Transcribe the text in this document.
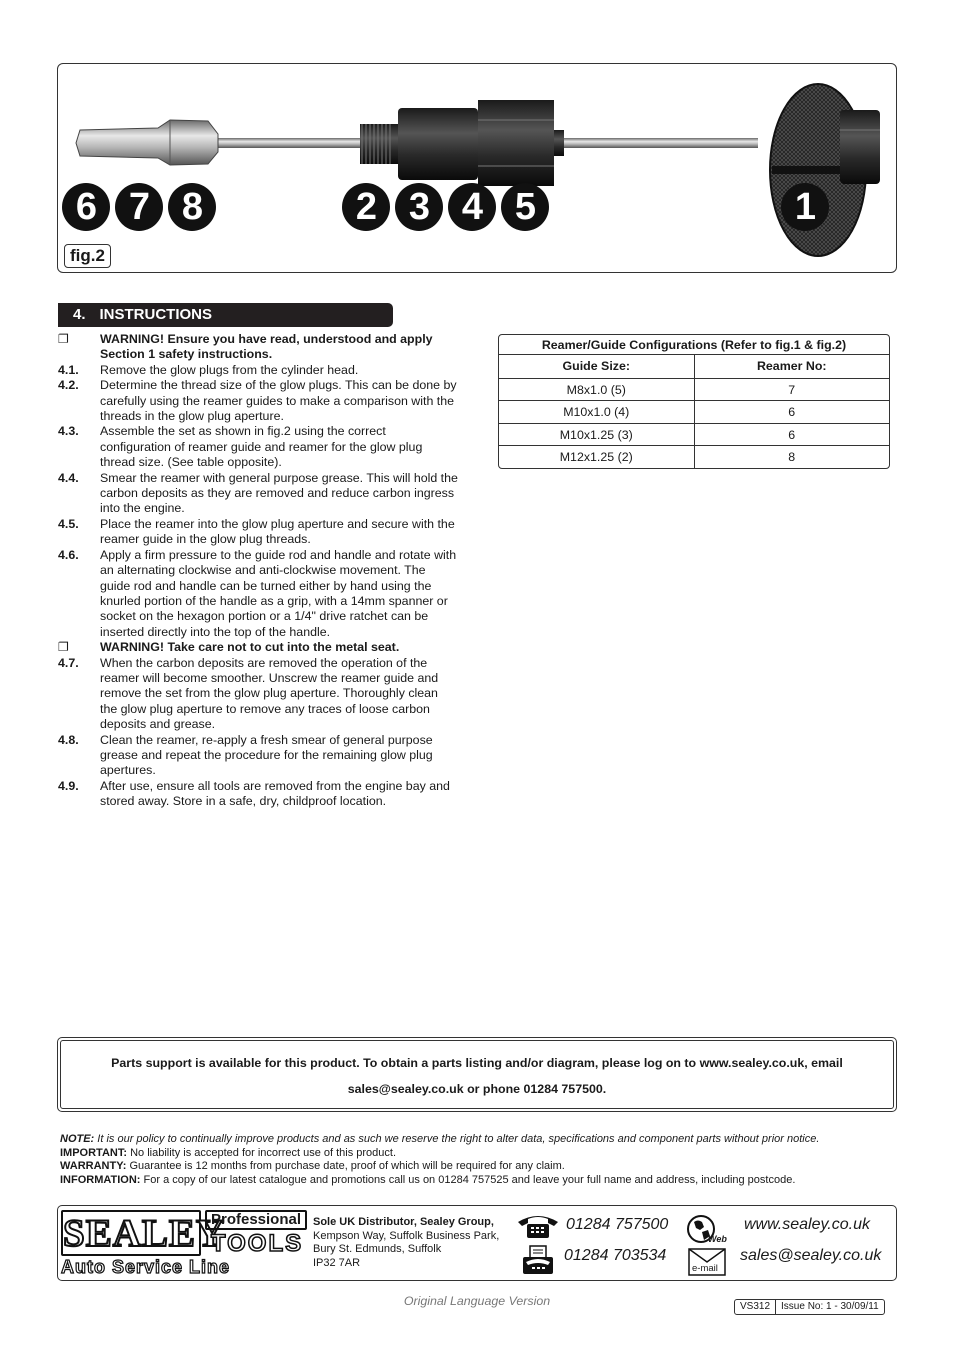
6 7 8	2 3 4 5	1
fig.2
4. INSTRUCTIONS
❐	WARNING! Ensure you have read, understood and apply Section 1 safety instructions.
4.1.	Remove the glow plugs from the cylinder head.
4.2.	Determine the thread size of the glow plugs. This can be done by carefully using the reamer guides to make a comparison with the threads in the glow plug aperture.
4.3.	Assemble the set as shown in fig.2 using the correct configuration of reamer guide and reamer for the glow plug thread size. (See table opposite).
4.4.	Smear the reamer with general purpose grease. This will hold the carbon deposits as they are removed and reduce carbon ingress into the engine.
4.5.	Place the reamer into the glow plug aperture and secure with the reamer guide in the glow plug threads.
4.6.	Apply a firm pressure to the guide rod and handle and rotate with an alternating clockwise and anti-clockwise movement. The guide rod and handle can be turned either by hand using the knurled portion of the handle as a grip, with a 14mm spanner or socket on the hexagon portion or a 1/4" drive ratchet can be inserted directly into the top of the handle.
❐	WARNING! Take care not to cut into the metal seat.
4.7.	When the carbon deposits are removed the operation of the reamer will become smoother. Unscrew the reamer guide and remove the set from the glow plug aperture. Thoroughly clean the glow plug aperture to remove any traces of loose carbon deposits and grease.
4.8.	Clean the reamer, re-apply a fresh smear of general purpose grease and repeat the procedure for the remaining glow plug apertures.
4.9.	After use, ensure all tools are removed from the engine bay and stored away. Store in a safe, dry, childproof location.
Reamer/Guide Configurations (Refer to fig.1 & fig.2)
Guide Size:	Reamer No:
M8x1.0 (5)	7
M10x1.0 (4)	6
M10x1.25 (3)	6
M12x1.25 (2)	8
Parts support is available for this product. To obtain a parts listing and/or diagram, please log on to www.sealey.co.uk, email
sales@sealey.co.uk or phone 01284 757500.
NOTE: It is our policy to continually improve products and as such we reserve the right to alter data, specifications and component parts without prior notice.
IMPORTANT: No liability is accepted for incorrect use of this product.
WARRANTY: Guarantee is 12 months from purchase date, proof of which will be required for any claim.
INFORMATION: For a copy of our latest catalogue and promotions call us on 01284 757525 and leave your full name and address, including postcode.
SEALEY
Professional
TOOLS
Auto Service Line
Sole UK Distributor, Sealey Group,
Kempson Way, Suffolk Business Park,
Bury St. Edmunds, Suffolk
IP32 7AR
01284 757500
01284 703534
Web
www.sealey.co.uk
e-mail
sales@sealey.co.uk
Original Language Version	VS312	Issue No: 1 - 30/09/11
